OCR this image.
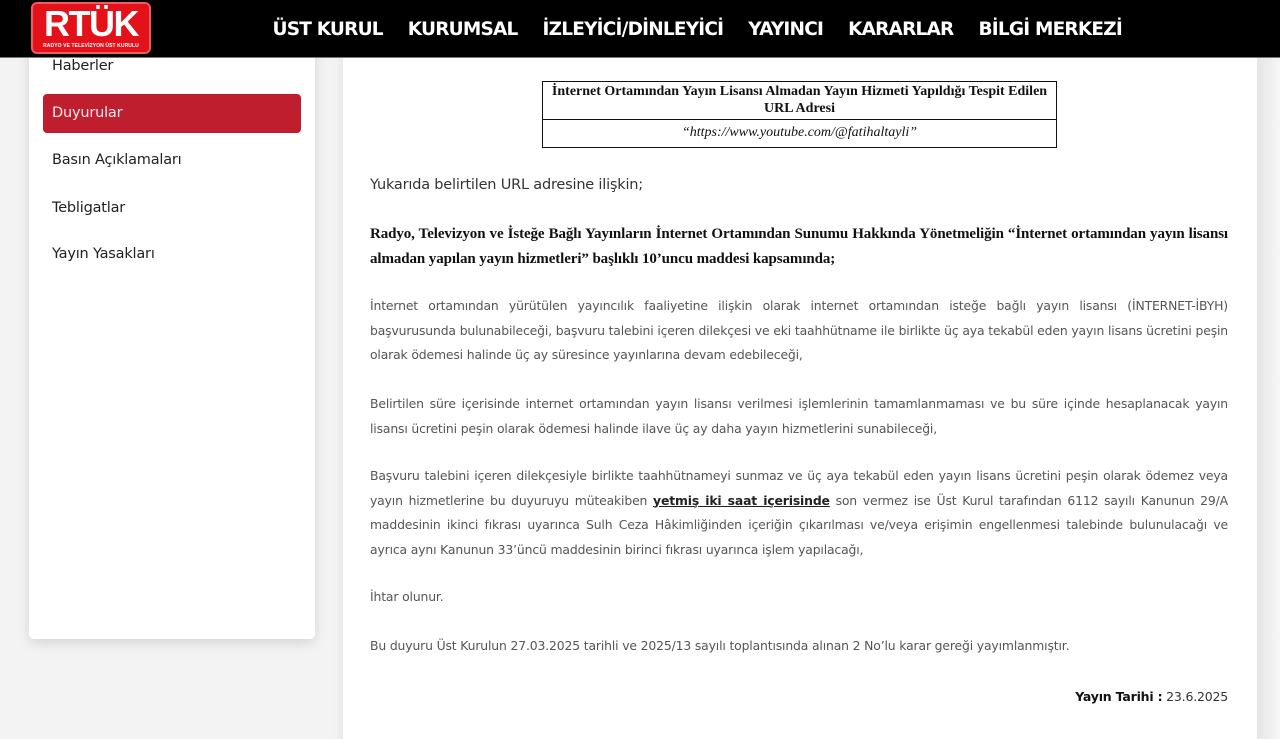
RTÜK
RADYO VE TELEVİZYON ÜST KURULU
ÜST KURUL KURUMSAL İZLEYİCİ/DİNLEYİCİ YAYINCI KARARLAR BİLGİ MERKEZİ
Haberler
Duyurular
Basın Açıklamaları
Tebligatlar
Yayın Yasakları
İnternet Ortamından Yayın Lisansı Almadan Yayın Hizmeti Yapıldığı Tespit Edilen URL Adresi
“https://www.youtube.com/@fatihaltayli”
Yukarıda belirtilen URL adresine ilişkin;
Radyo, Televizyon ve İsteğe Bağlı Yayınların İnternet Ortamından Sunumu Hakkında Yönetmeliğin “İnternet ortamından yayın lisansı almadan yapılan yayın hizmetleri” başlıklı 10’uncu maddesi kapsamında;
İnternet ortamından yürütülen yayıncılık faaliyetine ilişkin olarak internet ortamından isteğe bağlı yayın lisansı (İNTERNET-İBYH) başvurusunda bulunabileceği, başvuru talebini içeren dilekçesi ve eki taahhütname ile birlikte üç aya tekabül eden yayın lisans ücretini peşin olarak ödemesi halinde üç ay süresince yayınlarına devam edebileceği,
Belirtilen süre içerisinde internet ortamından yayın lisansı verilmesi işlemlerinin tamamlanmaması ve bu süre içinde hesaplanacak yayın lisansı ücretini peşin olarak ödemesi halinde ilave üç ay daha yayın hizmetlerini sunabileceği,
Başvuru talebini içeren dilekçesiyle birlikte taahhütnameyi sunmaz ve üç aya tekabül eden yayın lisans ücretini peşin olarak ödemez veya yayın hizmetlerine bu duyuruyu müteakiben yetmiş iki saat içerisinde son vermez ise Üst Kurul tarafından 6112 sayılı Kanunun 29/A maddesinin ikinci fıkrası uyarınca Sulh Ceza Hâkimliğinden içeriğin çıkarılması ve/veya erişimin engellenmesi talebinde bulunulacağı ve ayrıca aynı Kanunun 33’üncü maddesinin birinci fıkrası uyarınca işlem yapılacağı,
İhtar olunur.
Bu duyuru Üst Kurulun 27.03.2025 tarihli ve 2025/13 sayılı toplantısında alınan 2 No’lu karar gereği yayımlanmıştır.
Yayın Tarihi : 23.6.2025
